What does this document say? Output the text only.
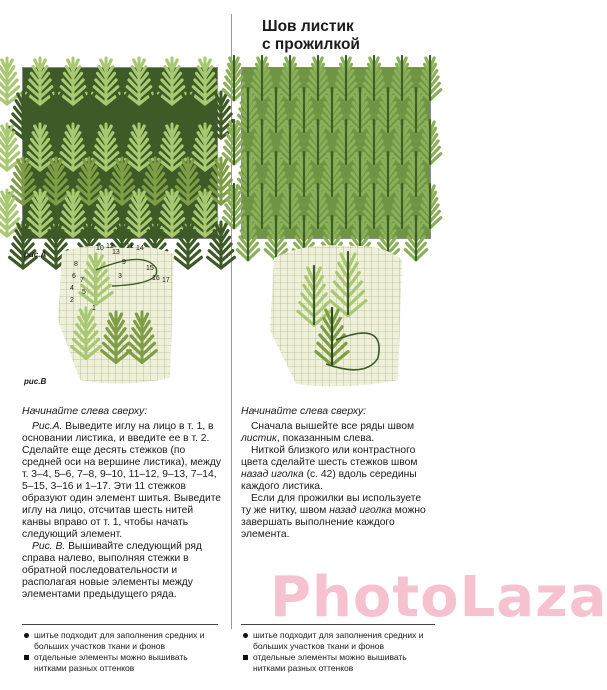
Шов листик
с прожилкой
рис.А
рис.В
10 12
13
11 14
8
15
6	16
4
17
2
7
5
9
3
1
Начинайте слева сверху:

Рис.А. Выведите иглу на лицо в т. 1, в основании листика, и введите ее в т. 2. Сделайте еще десять стежков (по средней оси на вершине листика), между т. 3–4, 5–6, 7–8, 9–10, 11–12, 9–13, 7–14, 5–15, 3–16 и 1–17. Эти 11 стежков образуют один элемент шитья. Выведите иглу на лицо, отсчитав шесть нитей канвы вправо от т. 1, чтобы начать следующий элемент.

Рис. В. Вышивайте следующий ряд справа налево, выполняя стежки в обратной последовательности и располагая новые элементы между элементами предыдущего ряда.

Начинайте слева сверху:

Сначала вышейте все ряды швом листик, показанным слева.

Ниткой близкого или контрастного цвета сделайте шесть стежков швом назад иголка (с. 42) вдоль середины каждого листика.

Если для прожилки вы используете ту же нитку, швом назад иголка можно завершать выполнение каждого элемента.

шитье подходит для заполнения средних и больших участков ткани и фонов
отдельные элементы можно вышивать нитками разных оттенков
шитье подходит для заполнения средних и больших участков ткани и фонов
отдельные элементы можно вышивать нитками разных оттенков
PhotoLaza
